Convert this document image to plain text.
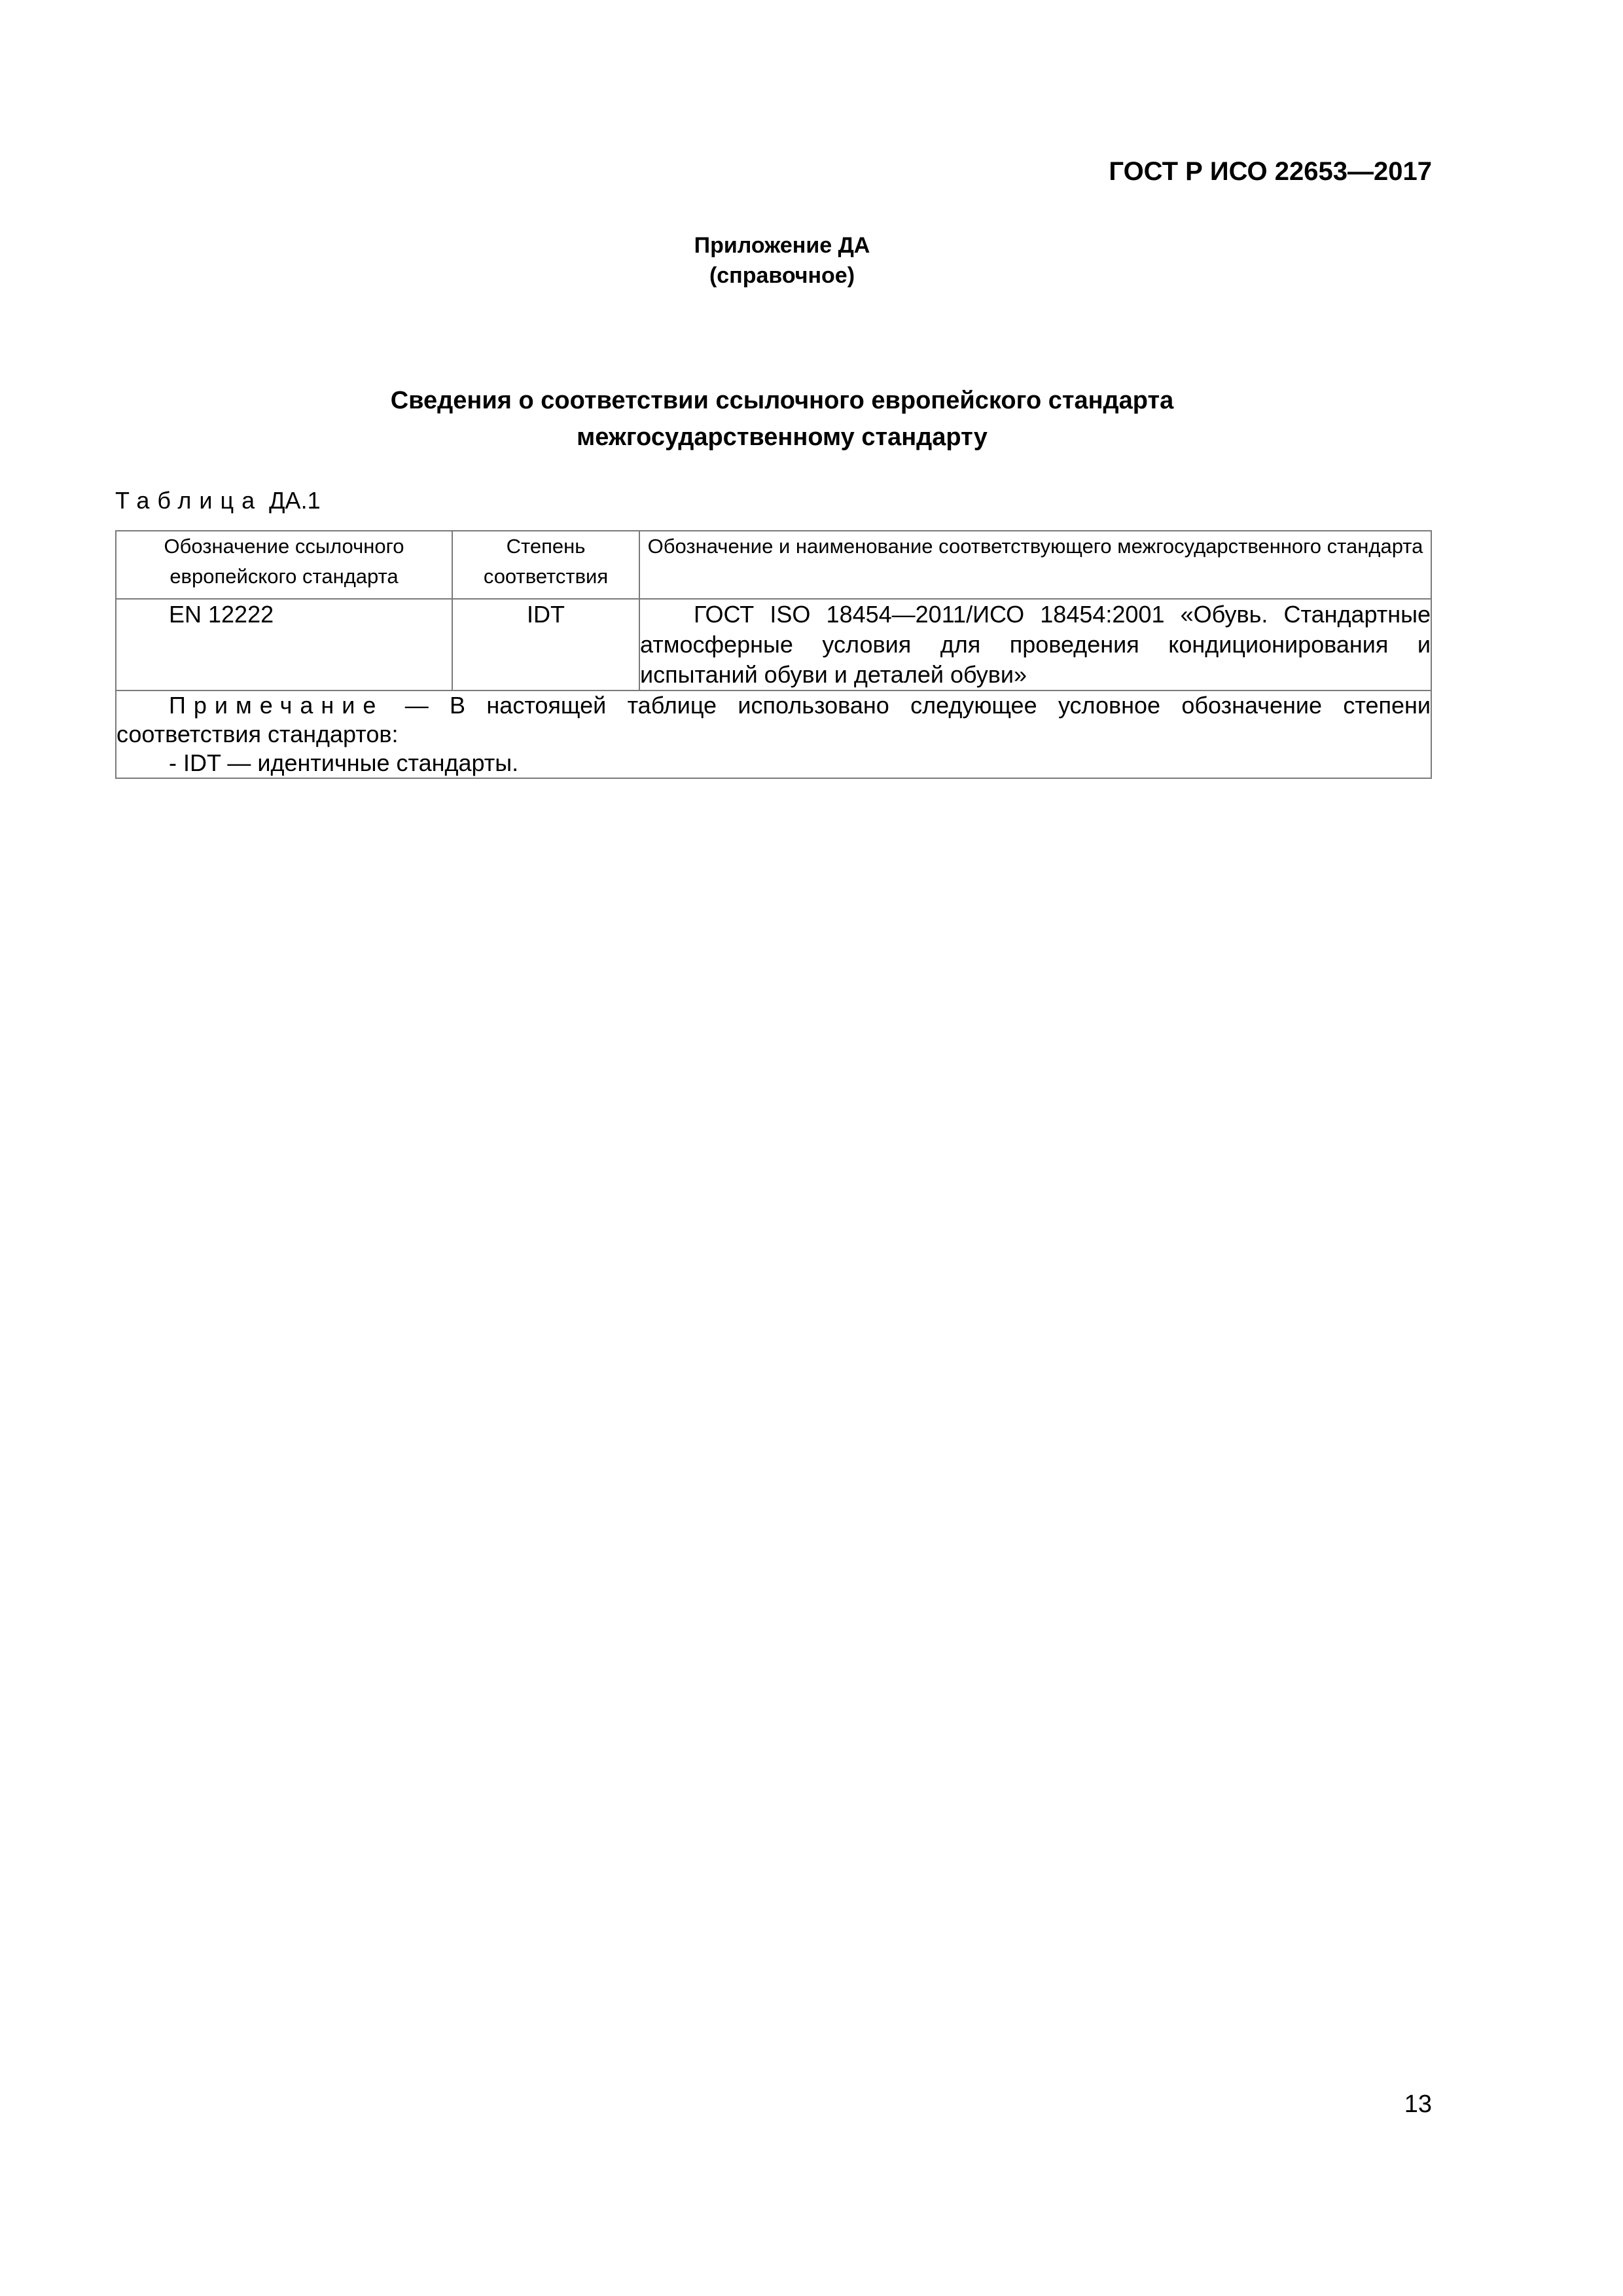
ГОСТ Р ИСО 22653—2017
Приложение ДА
(справочное)
Сведения о соответствии ссылочного европейского стандарта
межгосударственному стандарту
Таблица ДА.1
Обозначение ссылочного европейского стандарта	Степень соответствия	Обозначение и наименование соответствующего межгосударственного стандарта
EN 12222	IDT	ГОСТ ISO 18454—2011/ИСО 18454:2001 «Обувь. Стандартные атмосферные условия для проведения кондиционирования и испытаний обуви и деталей обуви»

Примечание — В настоящей таблице использовано следующее условное обозначение степени соответствия стандартов:
- IDT — идентичные стандарты.		
13
